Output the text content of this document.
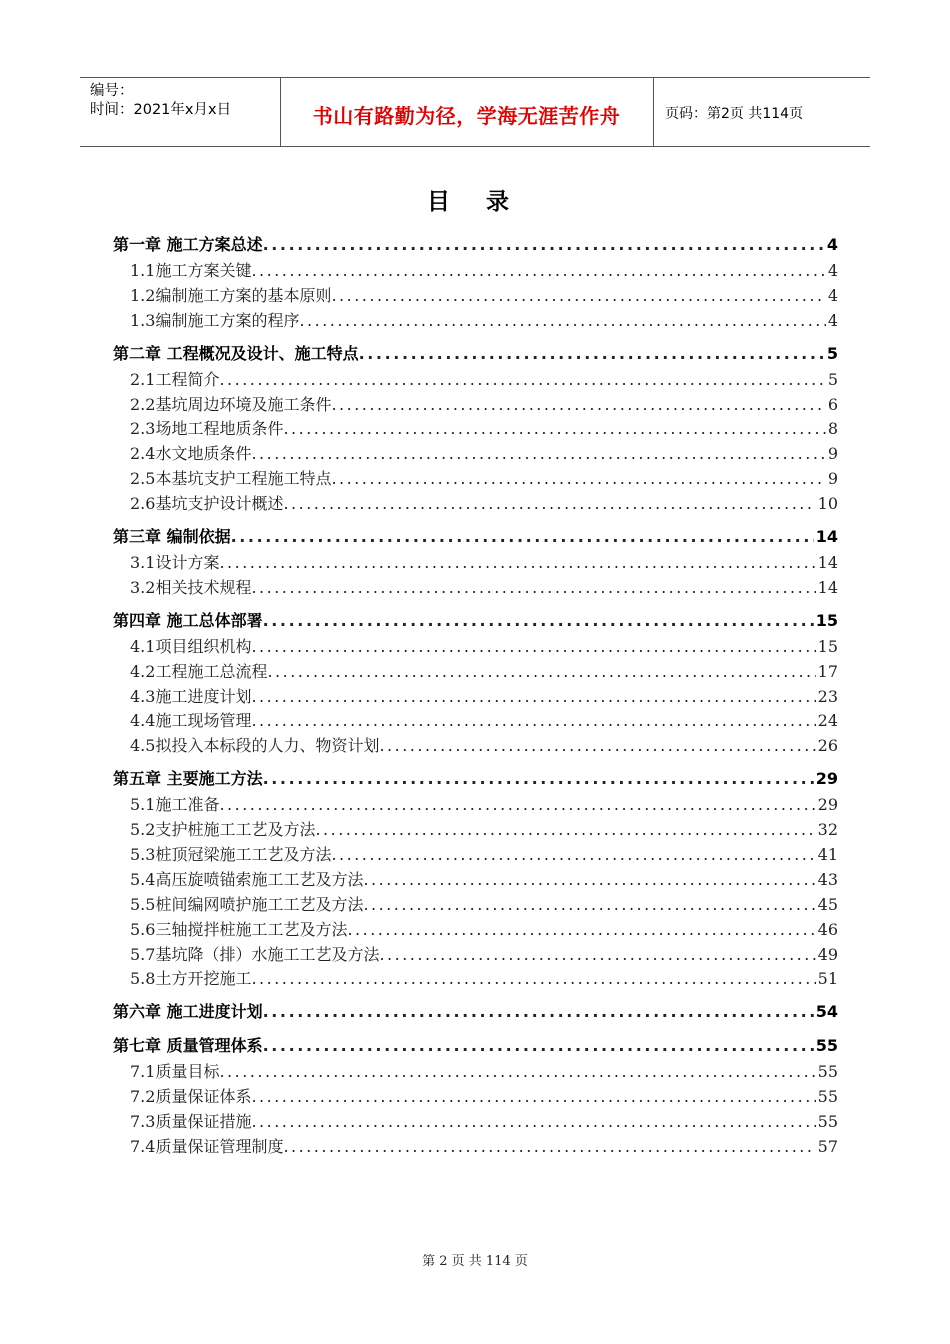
编号：
时间：2021年x月x日	书山有路勤为径，学海无涯苦作舟	页码：第2页 共114页
目 录
第一章 施工方案总述 .....	4
1.1施工方案关键 .....	4
1.2编制施工方案的基本原则 .....	4
1.3编制施工方案的程序 .....	4
第二章 工程概况及设计、施工特点 .....	5
2.1工程简介 .....	5
2.2基坑周边环境及施工条件 .....	6
2.3场地工程地质条件 .....	8
2.4水文地质条件 .....	9
2.5本基坑支护工程施工特点 .....	9
2.6基坑支护设计概述 .....	10
第三章 编制依据 .....	14
3.1设计方案 .....	14
3.2相关技术规程 .....	14
第四章 施工总体部署 .....	15
4.1项目组织机构 .....	15
4.2工程施工总流程 .....	17
4.3施工进度计划 .....	23
4.4施工现场管理 .....	24
4.5拟投入本标段的人力、物资计划 .....	26
第五章 主要施工方法 .....	29
5.1施工准备 .....	29
5.2支护桩施工工艺及方法 .....	32
5.3桩顶冠梁施工工艺及方法 .....	41
5.4高压旋喷锚索施工工艺及方法 .....	43
5.5桩间编网喷护施工工艺及方法 .....	45
5.6三轴搅拌桩施工工艺及方法 .....	46
5.7基坑降（排）水施工工艺及方法 .....	49
5.8土方开挖施工 .....	51
第六章 施工进度计划 .....	54
第七章 质量管理体系 .....	55
7.1质量目标 .....	55
7.2质量保证体系 .....	55
7.3质量保证措施 .....	55
7.4质量保证管理制度 .....	57
第 2 页 共 114 页
